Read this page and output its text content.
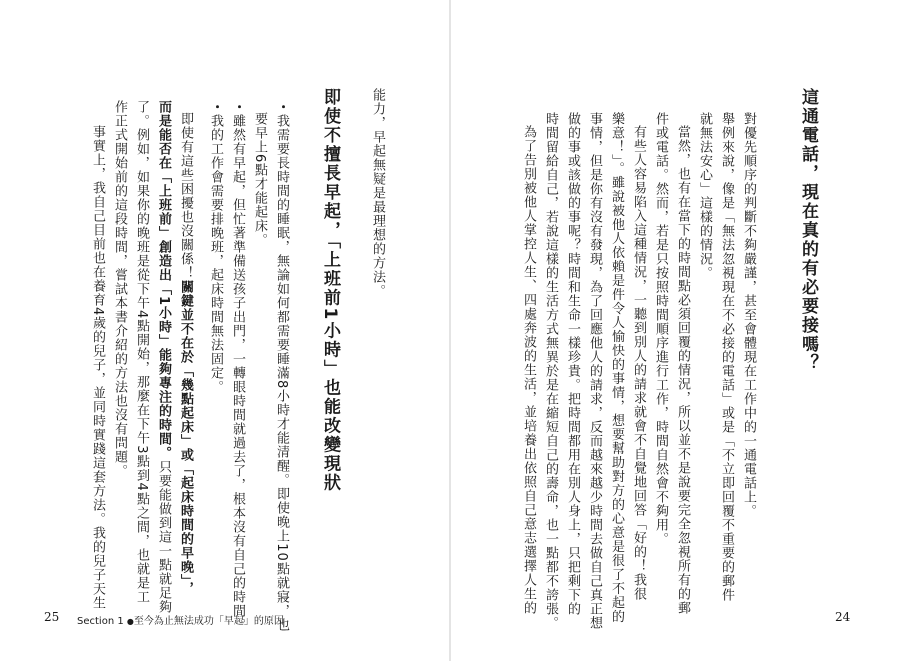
這通電話，現在真的有必要接嗎？
對優先順序的判斷不夠嚴謹，甚至會體現在工作中的一通電話上。
舉例來說，像是「無法忽視現在不必接的電話」或是「不立即回覆不重要的郵件
就無法安心」這樣的情況。
當然，也有在當下的時間點必須回覆的情況，所以並不是說要完全忽視所有的郵
件或電話。然而，若是只按照時間順序進行工作，時間自然會不夠用。
有些人容易陷入這種情況，一聽到別人的請求就會不自覺地回答「好的！我很
樂意！」。雖說被他人依賴是件令人愉快的事情，想要幫助對方的心意是很了不起的
事情，但是你有沒有發現，為了回應他人的請求，反而越來越少時間去做自己真正想
做的事或該做的事呢？時間和生命一樣珍貴。把時間都用在別人身上，只把剩下的
時間留給自己，若說這樣的生活方式無異於是在縮短自己的壽命，也一點都不誇張。
為了告別被他人掌控人生、四處奔波的生活，並培養出依照自己意志選擇人生的
24
能力，早起無疑是最理想的方法。
即使不擅長早起，「上班前1小時」也能改變現狀
・我需要長時間的睡眠，無論如何都需要睡滿8小時才能清醒。即使晚上10點就寢，也
要早上6點才能起床。
・雖然有早起，但忙著準備送孩子出門，一轉眼時間就過去了，根本沒有自己的時間。
・我的工作會需要排晚班，起床時間無法固定。
即使有這些困擾也沒關係！關鍵並不在於「幾點起床」或「起床時間的早晚」，
而是能否在「上班前」創造出「1小時」能夠專注的時間。只要能做到這一點就足夠
了。例如，如果你的晚班是從下午4點開始，那麼在下午3點到4點之間，也就是工
作正式開始前的這段時間，嘗試本書介紹的方法也沒有問題。
事實上，我自己目前也在養育4歲的兒子，並同時實踐這套方法。我的兒子天生
25 Section 1 ●至今為止無法成功「早起」的原因
